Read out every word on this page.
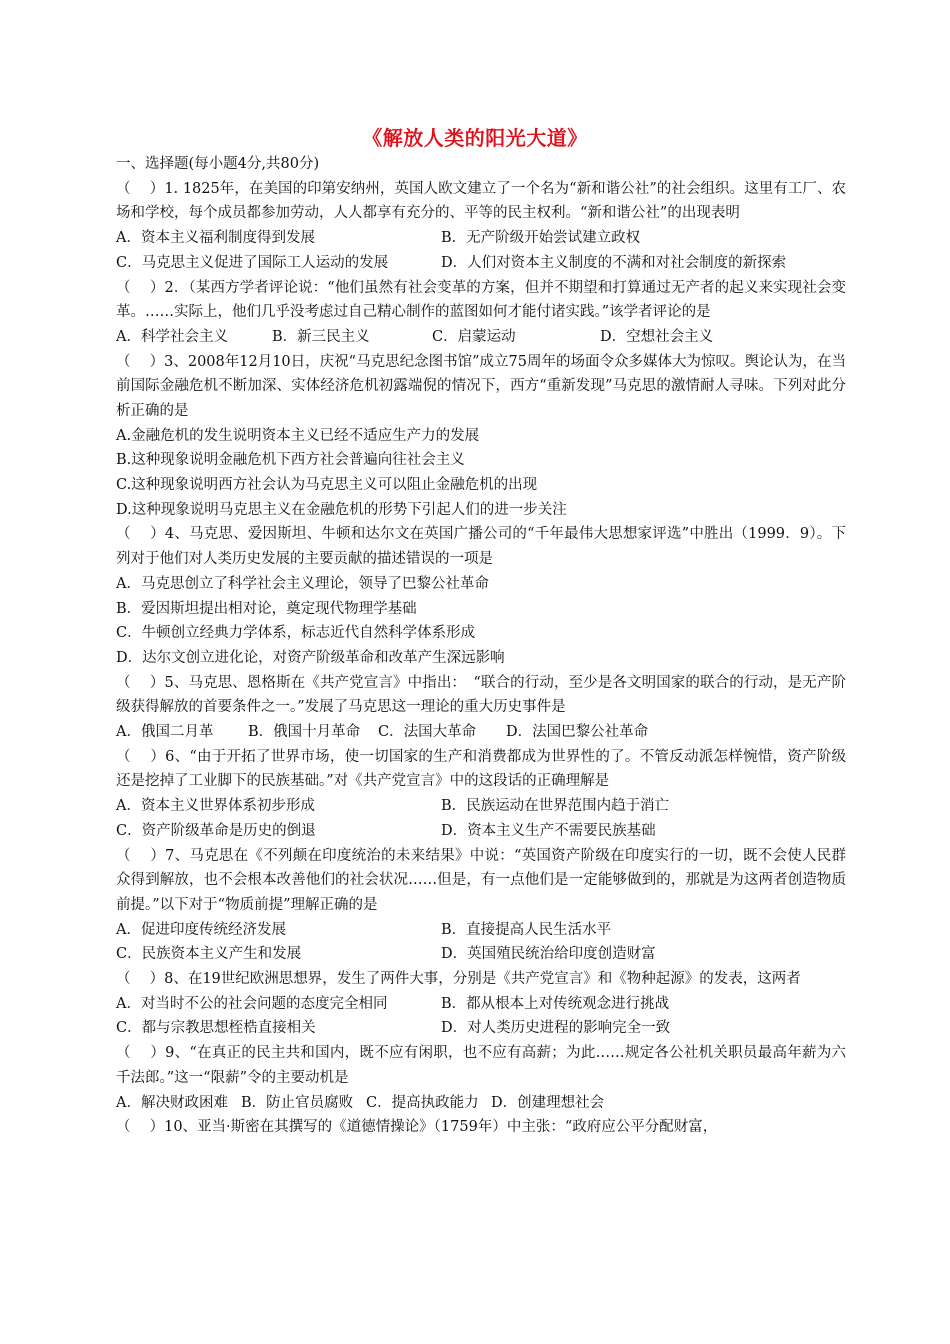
《解放人类的阳光大道》
一、选择题(每小题4分,共80分)
（　 ）1. 1825年，在美国的印第安纳州，英国人欧文建立了一个名为“新和谐公社”的社会组织。这里有工厂、农场和学校，每个成员都参加劳动，人人都享有充分的、平等的民主权利。“新和谐公社”的出现表明
A．资本主义福利制度得到发展	B．无产阶级开始尝试建立政权
C．马克思主义促进了国际工人运动的发展	D．人们对资本主义制度的不满和对社会制度的新探索
（　 ）2．（某西方学者评论说：“他们虽然有社会变革的方案，但并不期望和打算通过无产者的起义来实现社会变革。……实际上，他们几乎没考虑过自己精心制作的蓝图如何才能付诸实践。”该学者评论的是
A．科学社会主义	B．新三民主义	C．启蒙运动	D．空想社会主义
（　 ）3、2008年12月10日，庆祝“马克思纪念图书馆”成立75周年的场面令众多媒体大为惊叹。舆论认为，在当前国际金融危机不断加深、实体经济危机初露端倪的情况下，西方“重新发现”马克思的激情耐人寻味。下列对此分析正确的是
A.金融危机的发生说明资本主义已经不适应生产力的发展
B.这种现象说明金融危机下西方社会普遍向往社会主义
C.这种现象说明西方社会认为马克思主义可以阻止金融危机的出现
D.这种现象说明马克思主义在金融危机的形势下引起人们的进一步关注
（　 ）4、马克思、爱因斯坦、牛顿和达尔文在英国广播公司的“千年最伟大思想家评选”中胜出（1999．9）。下列对于他们对人类历史发展的主要贡献的描述错误的一项是
A．马克思创立了科学社会主义理论，领导了巴黎公社革命
B．爱因斯坦提出相对论，奠定现代物理学基础
C．牛顿创立经典力学体系，标志近代自然科学体系形成
D．达尔文创立进化论，对资产阶级革命和改革产生深远影响
（　 ）5、马克思、恩格斯在《共产党宣言》中指出：　“联合的行动，至少是各文明国家的联合的行动，是无产阶级获得解放的首要条件之一。”发展了马克思这一理论的重大历史事件是
A．俄国二月革	B．俄国十月革命	C．法国大革命	D．法国巴黎公社革命
（　 ）6、“由于开拓了世界市场，使一切国家的生产和消费都成为世界性的了。不管反动派怎样惋惜，资产阶级还是挖掉了工业脚下的民族基础。”对《共产党宣言》中的这段话的正确理解是
A．资本主义世界体系初步形成	B．民族运动在世界范围内趋于消亡
C．资产阶级革命是历史的倒退	D．资本主义生产不需要民族基础
（　 ）7、马克思在《不列颠在印度统治的未来结果》中说：“英国资产阶级在印度实行的一切，既不会使人民群众得到解放，也不会根本改善他们的社会状况……但是，有一点他们是一定能够做到的，那就是为这两者创造物质前提。”以下对于“物质前提”理解正确的是
A．促进印度传统经济发展	B．直接提高人民生活水平
C．民族资本主义产生和发展	D．英国殖民统治给印度创造财富
（　 ）8、在19世纪欧洲思想界，发生了两件大事，分别是《共产党宣言》和《物种起源》的发表，这两者
A．对当时不公的社会问题的态度完全相同	B．都从根本上对传统观念进行挑战
C．都与宗教思想桎梏直接相关	D．对人类历史进程的影响完全一致
（　 ）9、“在真正的民主共和国内，既不应有闲职，也不应有高薪；为此……规定各公社机关职员最高年薪为六千法郎。”这一“限薪”令的主要动机是
A．解决财政困难 B．防止官员腐败 C．提高执政能力 D．创建理想社会
（　 ）10、亚当·斯密在其撰写的《道德情操论》（1759年）中主张：“政府应公平分配财富，
